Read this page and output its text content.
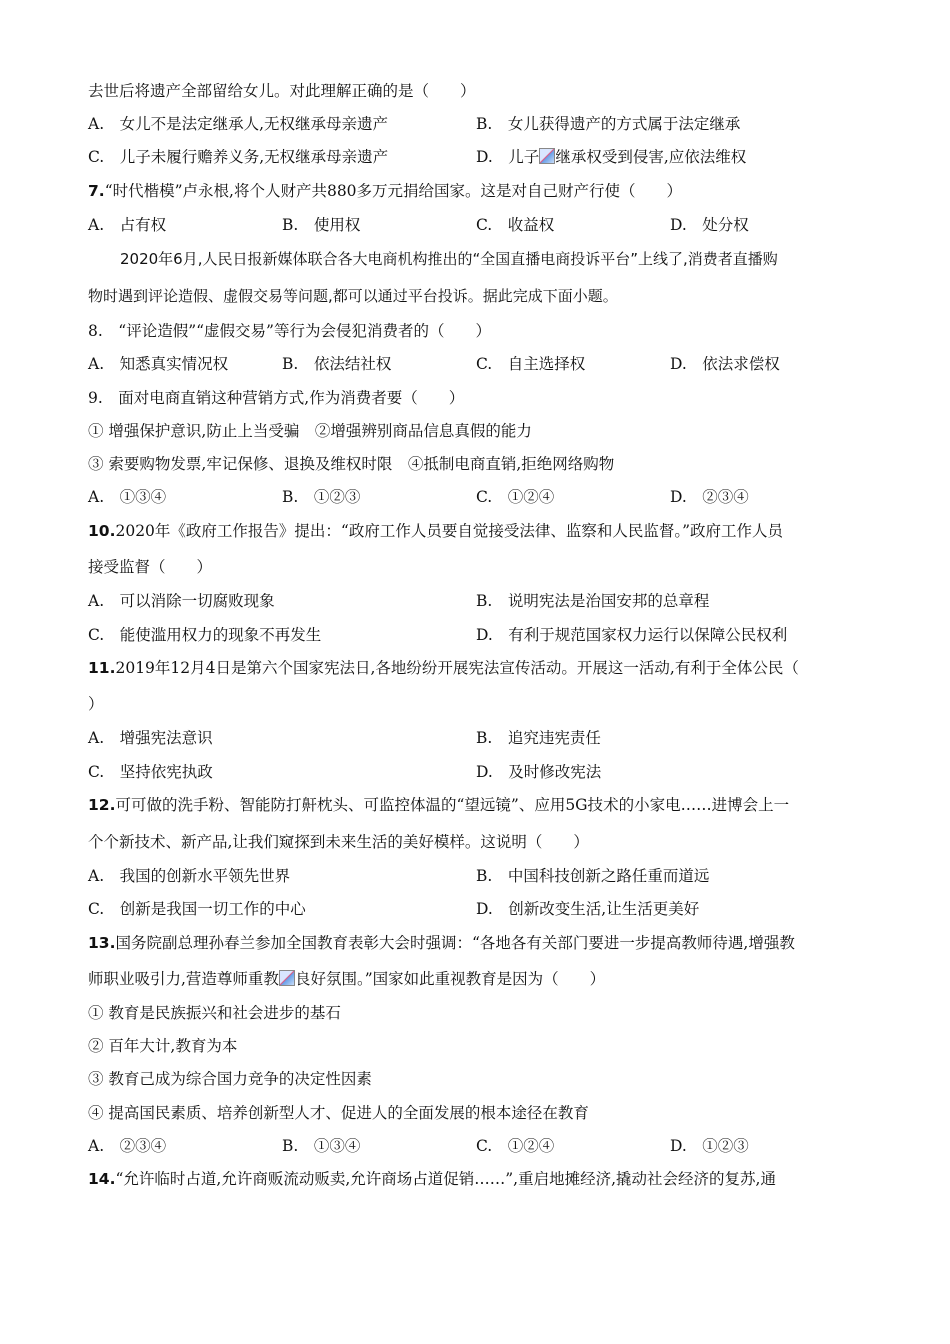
去世后将遗产全部留给女儿。对此理解正确的是（　　）
A.　女儿不是法定继承人,无权继承母亲遗产	B.　女儿获得遗产的方式属于法定继承
C.　儿子未履行赡养义务,无权继承母亲遗产	D.　儿子 继承权受到侵害,应依法维权
7.“时代楷模”卢永根,将个人财产共880多万元捐给国家。这是对自己财产行使（　　）
A.　占有权	B.　使用权	C.　收益权	D.　处分权
2020年6月,人民日报新媒体联合各大电商机构推出的“全国直播电商投诉平台”上线了,消费者直播购
物时遇到评论造假、虚假交易等问题,都可以通过平台投诉。据此完成下面小题。
8.　“评论造假”“虚假交易”等行为会侵犯消费者的（　　）
A.　知悉真实情况权	B.　依法结社权	C.　自主选择权	D.　依法求偿权
9.　面对电商直销这种营销方式,作为消费者要（　　）
① 增强保护意识,防止上当受骗　②增强辨别商品信息真假的能力
③ 索要购物发票,牢记保修、退换及维权时限　④抵制电商直销,拒绝网络购物
A.　①③④	B.　①②③	C.　①②④	D.　②③④
10.2020年《政府工作报告》提出：“政府工作人员要自觉接受法律、监察和人民监督。”政府工作人员
接受监督（　　）
A.　可以消除一切腐败现象	B.　说明宪法是治国安邦的总章程
C.　能使滥用权力的现象不再发生	D.　有利于规范国家权力运行以保障公民权利
11.2019年12月4日是第六个国家宪法日,各地纷纷开展宪法宣传活动。开展这一活动,有利于全体公民（
）
A.　增强宪法意识	B.　追究违宪责任
C.　坚持依宪执政	D.　及时修改宪法
12.可可做的洗手粉、智能防打鼾枕头、可监控体温的“望远镜”、应用5G技术的小家电……进博会上一
个个新技术、新产品,让我们窥探到未来生活的美好模样。这说明（　　）
A.　我国的创新水平领先世界	B.　中国科技创新之路任重而道远
C.　创新是我国一切工作的中心	D.　创新改变生活,让生活更美好
13.国务院副总理孙春兰参加全国教育表彰大会时强调：“各地各有关部门要进一步提高教师待遇,增强教
师职业吸引力,营造尊师重教 良好氛围。”国家如此重视教育是因为（　　）
① 教育是民族振兴和社会进步的基石
② 百年大计,教育为本
③ 教育己成为综合国力竞争的决定性因素
④ 提高国民素质、培养创新型人才、促进人的全面发展的根本途径在教育
A.　②③④	B.　①③④	C.　①②④	D.　①②③
14.“允许临时占道,允许商贩流动贩卖,允许商场占道促销……”,重启地摊经济,撬动社会经济的复苏,通
